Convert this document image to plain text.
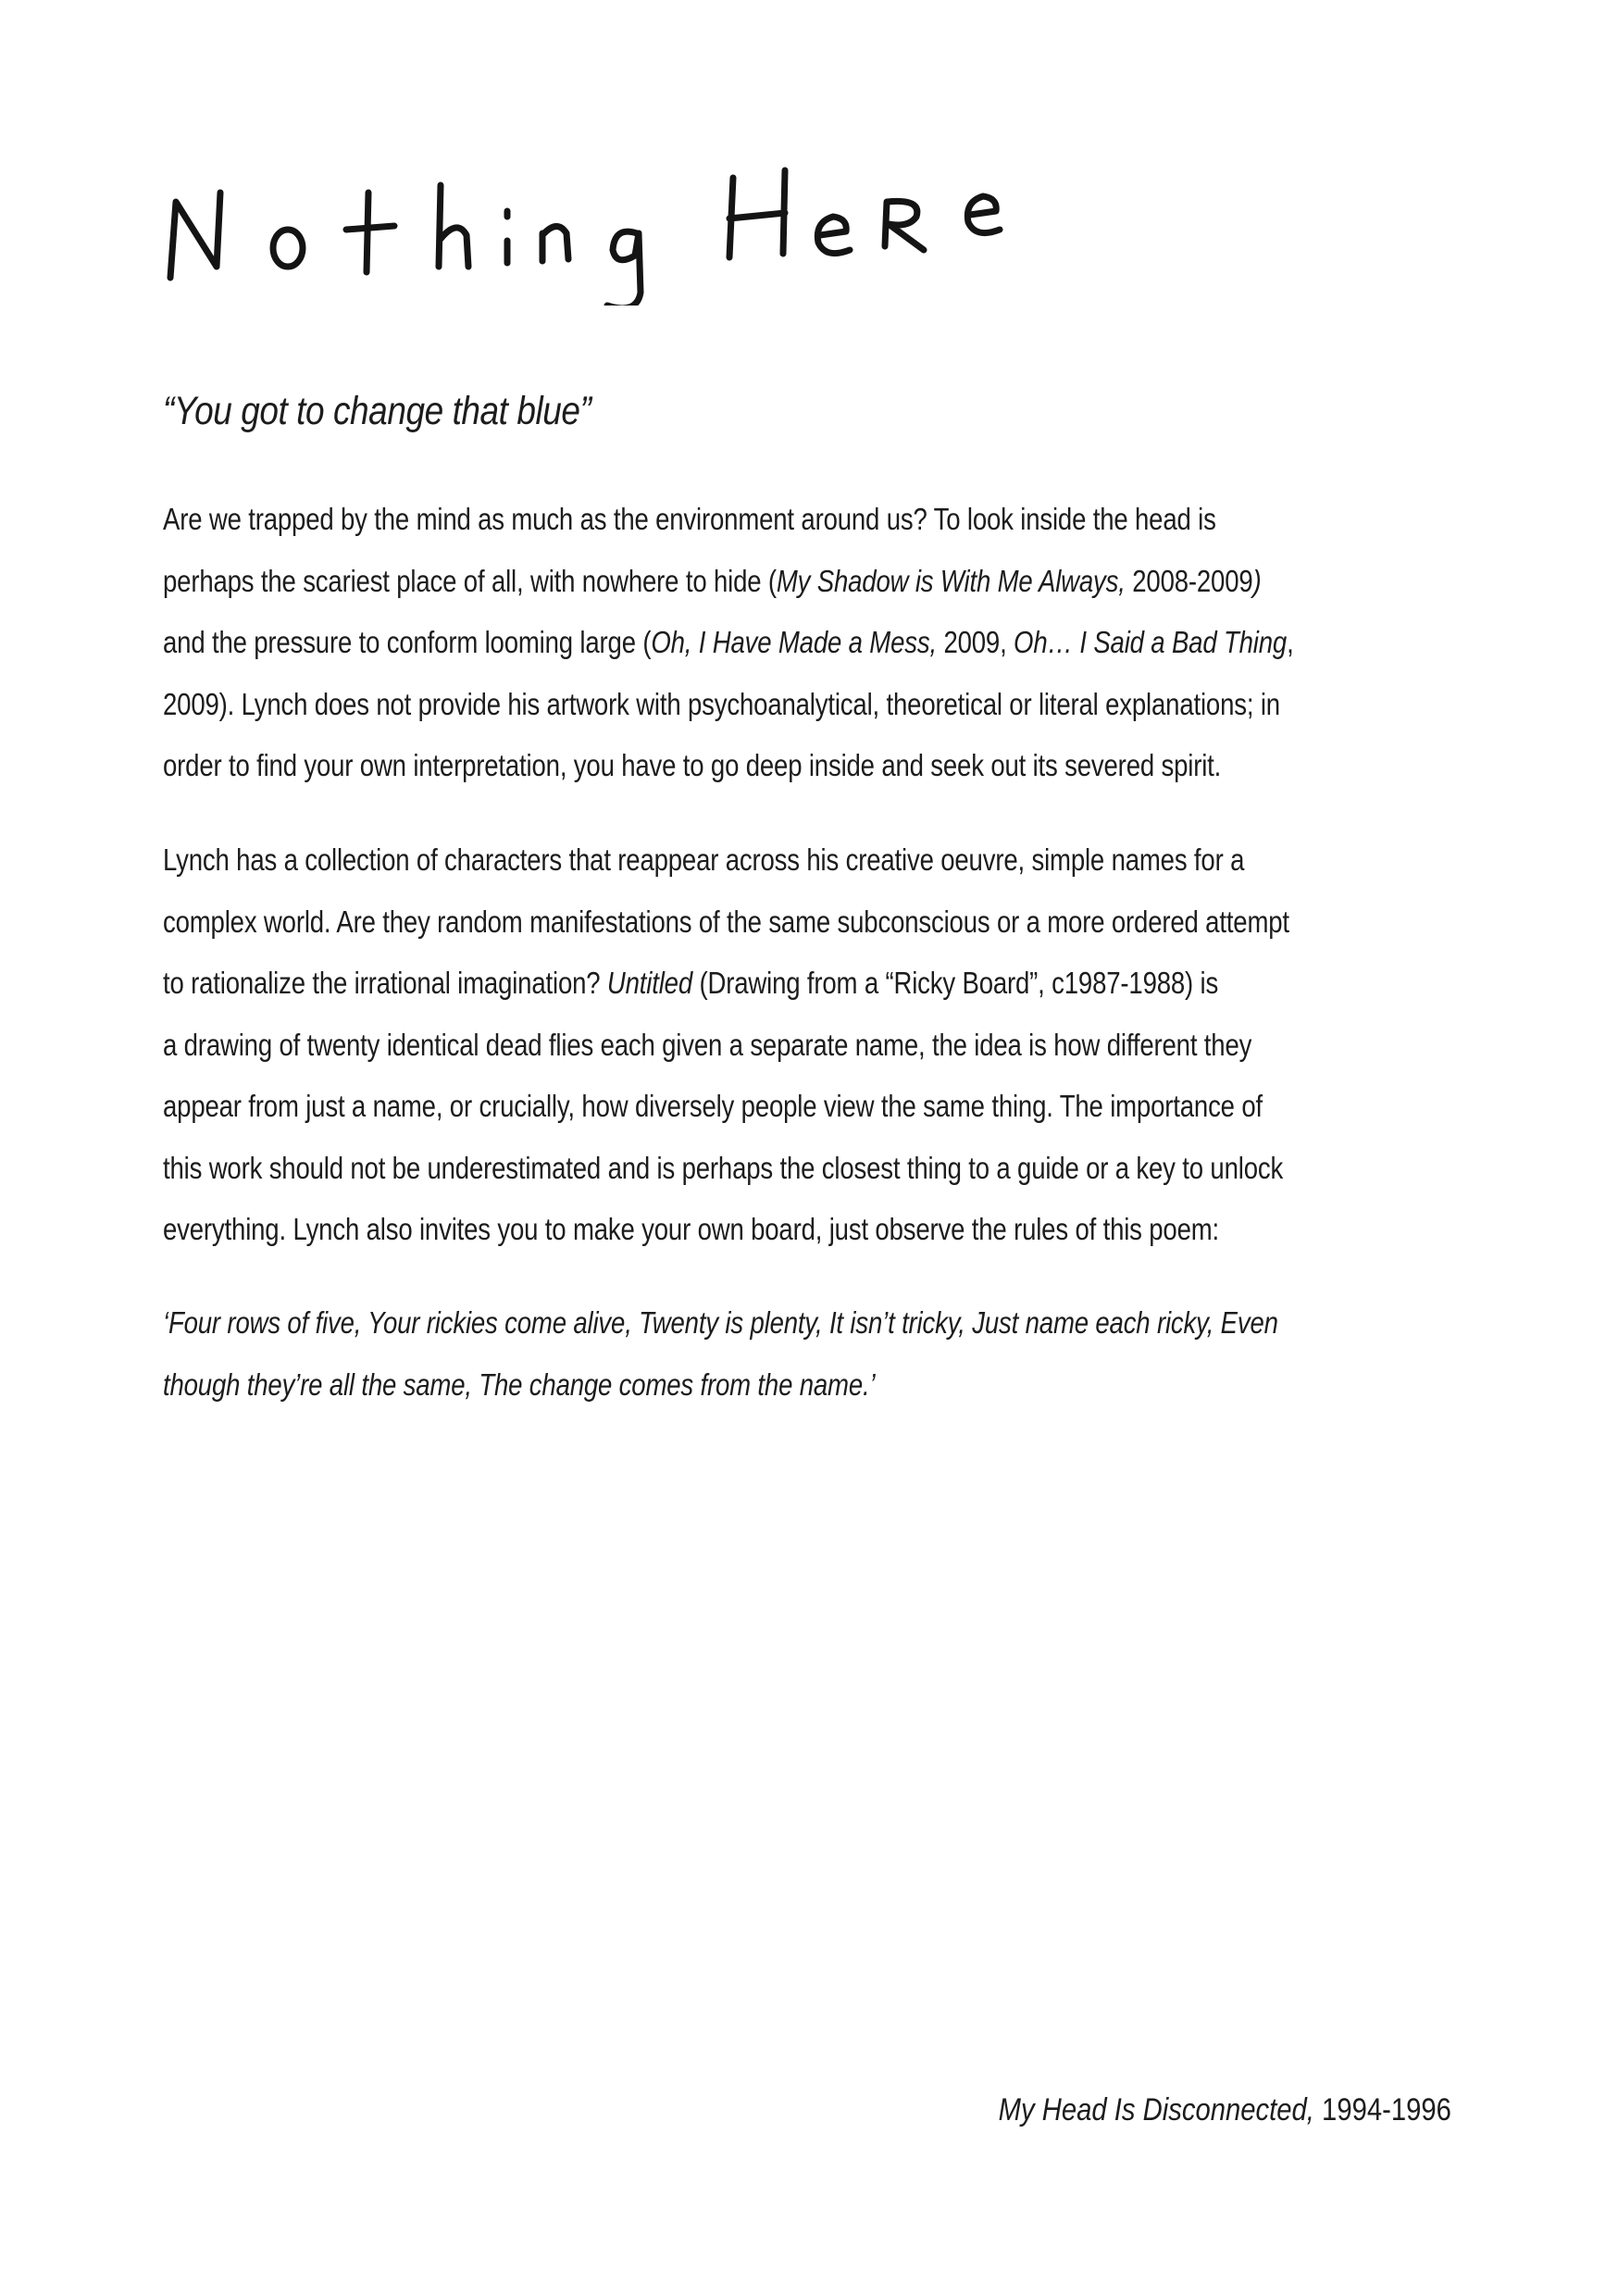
“You got to change that blue”
Are we trapped by the mind as much as the environment around us? To look inside the head is
perhaps the scariest place of all, with nowhere to hide (My Shadow is With Me Always, 2008-2009)
and the pressure to conform looming large (Oh, I Have Made a Mess, 2009, Oh… I Said a Bad Thing,
2009). Lynch does not provide his artwork with psychoanalytical, theoretical or literal explanations; in
order to find your own interpretation, you have to go deep inside and seek out its severed spirit.
Lynch has a collection of characters that reappear across his creative oeuvre, simple names for a
complex world. Are they random manifestations of the same subconscious or a more ordered attempt
to rationalize the irrational imagination? Untitled (Drawing from a “Ricky Board”, c1987-1988) is
a drawing of twenty identical dead flies each given a separate name, the idea is how different they
appear from just a name, or crucially, how diversely people view the same thing. The importance of
this work should not be underestimated and is perhaps the closest thing to a guide or a key to unlock
everything. Lynch also invites you to make your own board, just observe the rules of this poem:
‘Four rows of five, Your rickies come alive, Twenty is plenty, It isn’t tricky, Just name each ricky, Even
though they’re all the same, The change comes from the name.’
My Head Is Disconnected, 1994-1996
